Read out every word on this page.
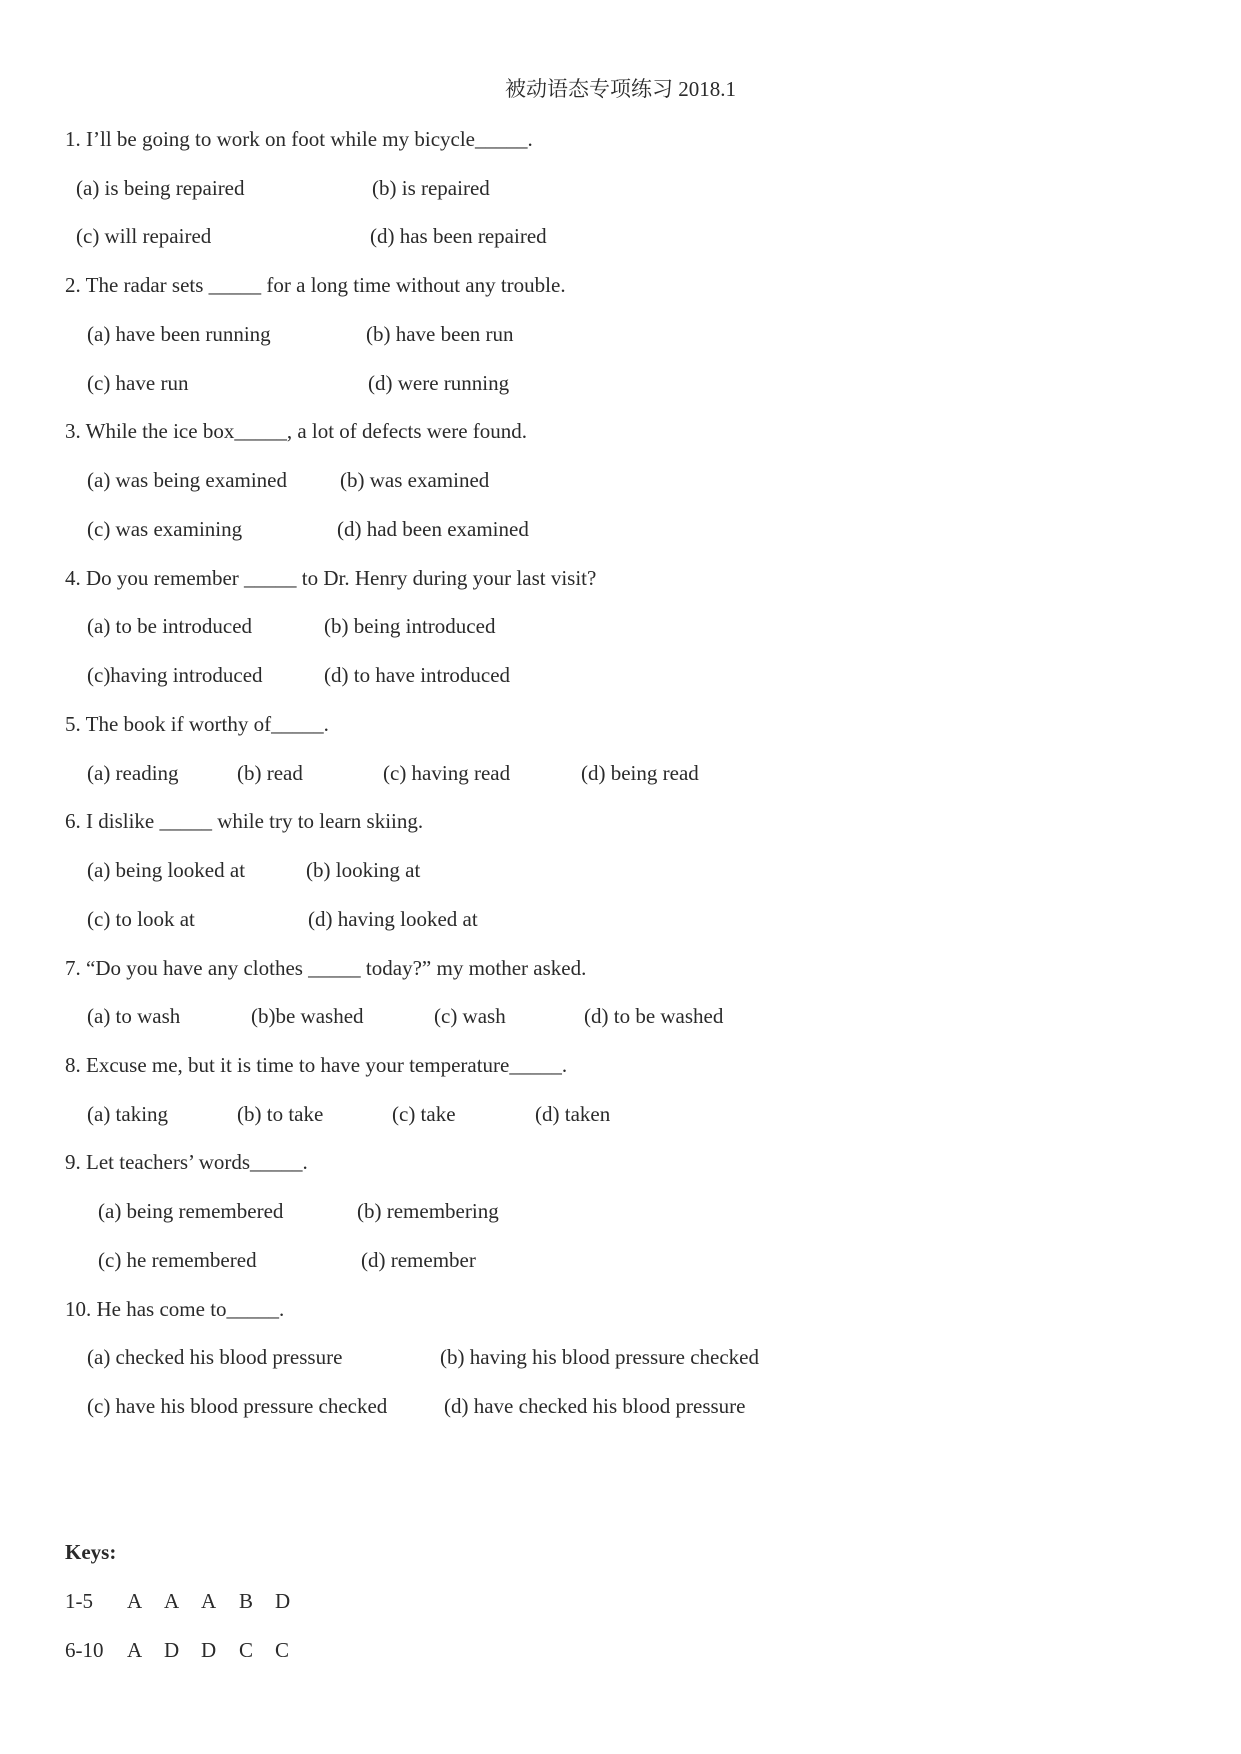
被动语态专项练习 2018.1
1. I’ll be going to work on foot while my bicycle_____.
(a) is being repaired	(b) is repaired
(c) will repaired	(d) has been repaired
2. The radar sets _____ for a long time without any trouble.
(a) have been running	(b) have been run
(c) have run	(d) were running
3. While the ice box_____, a lot of defects were found.
(a) was being examined	(b) was examined
(c) was examining	(d) had been examined
4. Do you remember _____ to Dr. Henry during your last visit?
(a) to be introduced	(b) being introduced
(c)having introduced	(d) to have introduced
5. The book if worthy of_____.
(a) reading	(b) read	(c) having read	(d) being read
6. I dislike _____ while try to learn skiing.
(a) being looked at	(b) looking at
(c) to look at	(d) having looked at
7. “Do you have any clothes _____ today?” my mother asked.
(a) to wash	(b)be washed	(c) wash	(d) to be washed
8. Excuse me, but it is time to have your temperature_____.
(a) taking	(b) to take	(c) take	(d) taken
9. Let teachers’ words_____.
(a) being remembered	(b) remembering
(c) he remembered	(d) remember
10. He has come to_____.
(a) checked his blood pressure	(b) having his blood pressure checked
(c) have his blood pressure checked	(d) have checked his blood pressure
Keys:
1-5 A A A B D
6-10 A D D C C
